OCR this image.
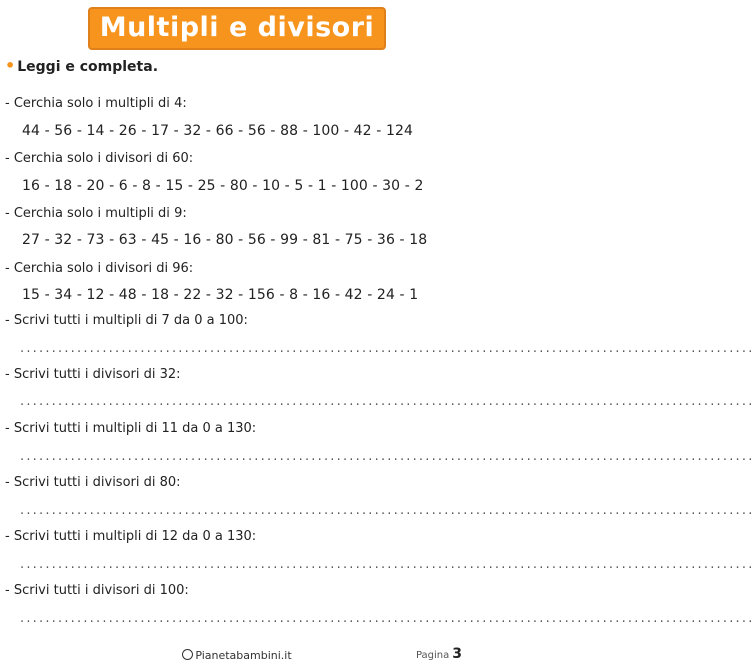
Multipli e divisori
• Leggi e completa.
- Cerchia solo i multipli di 4:
44 - 56 - 14 - 26 - 17 - 32 - 66 - 56 - 88 - 100 - 42 - 124
- Cerchia solo i divisori di 60:
16 - 18 - 20 - 6 - 8 - 15 - 25 - 80 - 10 - 5 - 1 - 100 - 30 - 2
- Cerchia solo i multipli di 9:
27 - 32 - 73 - 63 - 45 - 16 - 80 - 56 - 99 - 81 - 75 - 36 - 18
- Cerchia solo i divisori di 96:
15 - 34 - 12 - 48 - 18 - 22 - 32 - 156 - 8 - 16 - 42 - 24 - 1
- Scrivi tutti i multipli di 7 da 0 a 100:
....................................................................................................................
- Scrivi tutti i divisori di 32:
....................................................................................................................
- Scrivi tutti i multipli di 11 da 0 a 130:
....................................................................................................................
- Scrivi tutti i divisori di 80:
....................................................................................................................
- Scrivi tutti i multipli di 12 da 0 a 130:
....................................................................................................................
- Scrivi tutti i divisori di 100:
....................................................................................................................
Pianetabambini.it	Pagina 3
